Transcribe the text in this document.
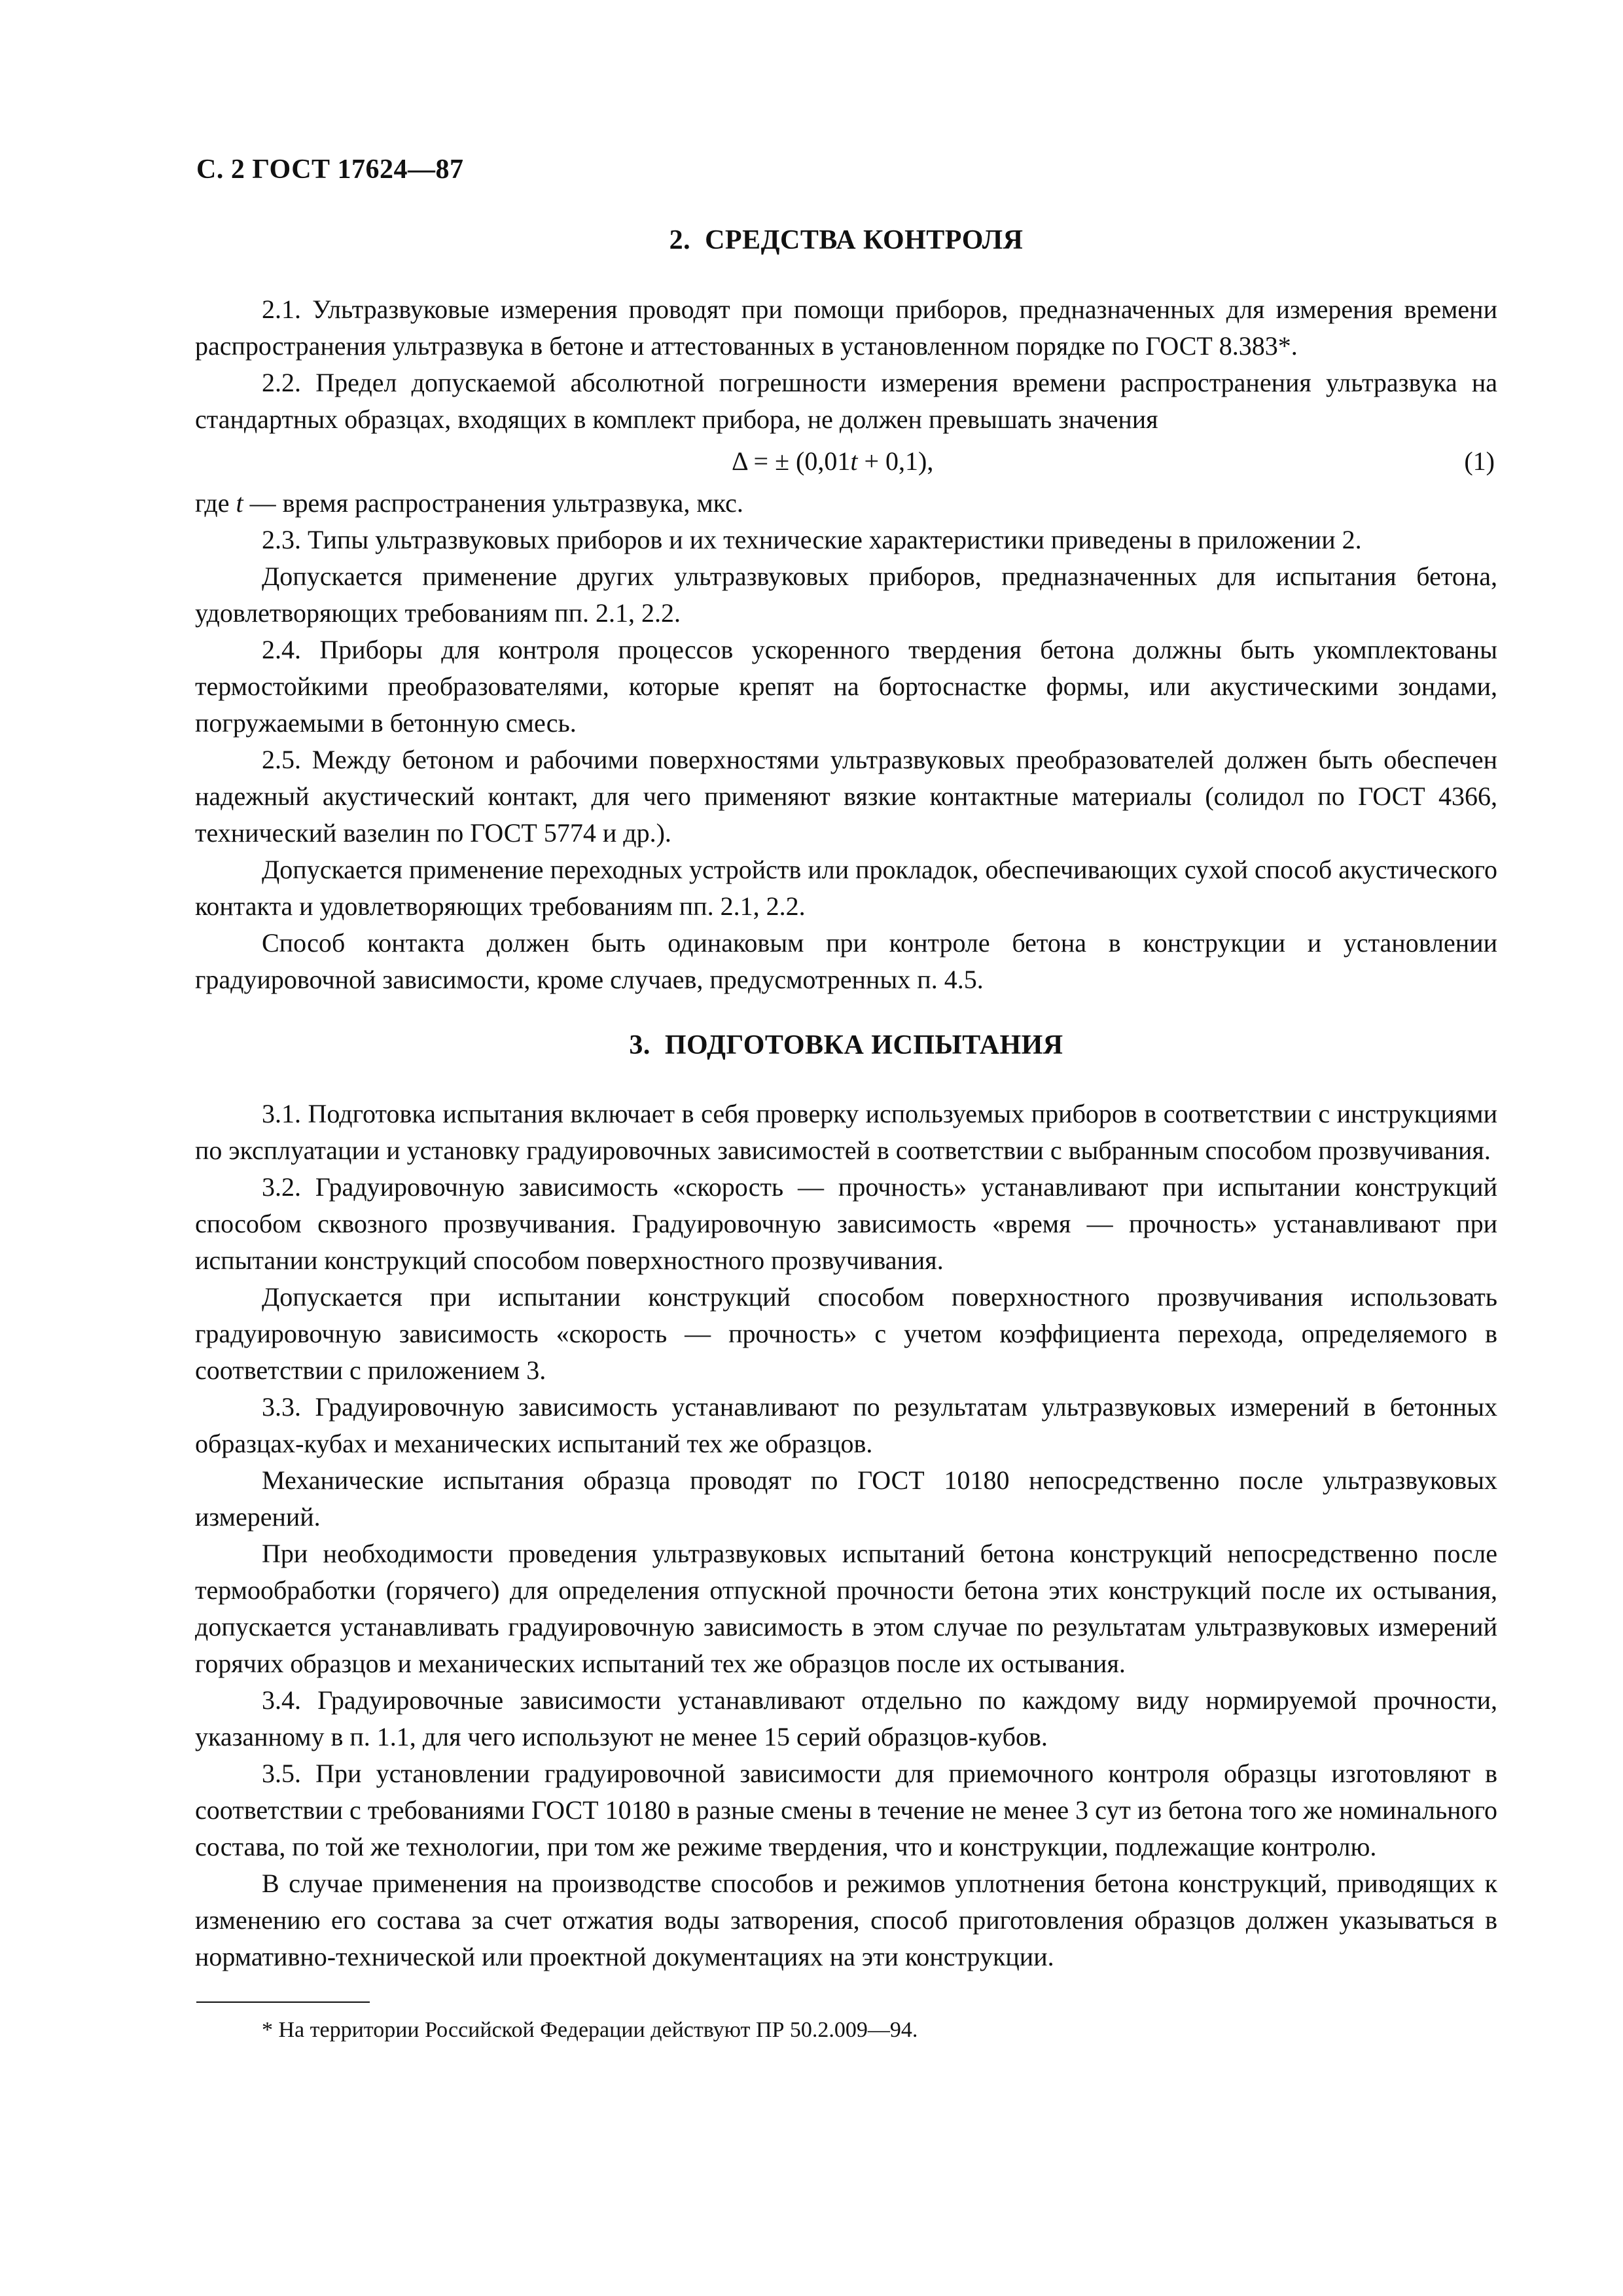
С. 2 ГОСТ 17624—87
2. СРЕДСТВА КОНТРОЛЯ

2.1. Ультразвуковые измерения проводят при помощи приборов, предназначенных для измерения времени распространения ультразвука в бетоне и аттестованных в установленном порядке по ГОСТ 8.383*.

2.2. Предел допускаемой абсолютной погрешности измерения времени распространения ультразвука на стандартных образцах, входящих в комплект прибора, не должен превышать значения

Δ = ± (0,01t + 0,1),	(1)

где t — время распространения ультразвука, мкс.

2.3. Типы ультразвуковых приборов и их технические характеристики приведены в приложении 2.

Допускается применение других ультразвуковых приборов, предназначенных для испытания бетона, удовлетворяющих требованиям пп. 2.1, 2.2.

2.4. Приборы для контроля процессов ускоренного твердения бетона должны быть укомплектованы термостойкими преобразователями, которые крепят на бортоснастке формы, или акустическими зондами, погружаемыми в бетонную смесь.

2.5. Между бетоном и рабочими поверхностями ультразвуковых преобразователей должен быть обеспечен надежный акустический контакт, для чего применяют вязкие контактные материалы (солидол по ГОСТ 4366, технический вазелин по ГОСТ 5774 и др.).

Допускается применение переходных устройств или прокладок, обеспечивающих сухой способ акустического контакта и удовлетворяющих требованиям пп. 2.1, 2.2.

Способ контакта должен быть одинаковым при контроле бетона в конструкции и установлении градуировочной зависимости, кроме случаев, предусмотренных п. 4.5.

3. ПОДГОТОВКА ИСПЫТАНИЯ

3.1. Подготовка испытания включает в себя проверку используемых приборов в соответствии с инструкциями по эксплуатации и установку градуировочных зависимостей в соответствии с выбранным способом прозвучивания.

3.2. Градуировочную зависимость «скорость — прочность» устанавливают при испытании конструкций способом сквозного прозвучивания. Градуировочную зависимость «время — прочность» устанавливают при испытании конструкций способом поверхностного прозвучивания.

Допускается при испытании конструкций способом поверхностного прозвучивания использовать градуировочную зависимость «скорость — прочность» с учетом коэффициента перехода, определяемого в соответствии с приложением 3.

3.3. Градуировочную зависимость устанавливают по результатам ультразвуковых измерений в бетонных образцах-кубах и механических испытаний тех же образцов.

Механические испытания образца проводят по ГОСТ 10180 непосредственно после ультразвуковых измерений.

При необходимости проведения ультразвуковых испытаний бетона конструкций непосредственно после термообработки (горячего) для определения отпускной прочности бетона этих конструкций после их остывания, допускается устанавливать градуировочную зависимость в этом случае по результатам ультразвуковых измерений горячих образцов и механических испытаний тех же образцов после их остывания.

3.4. Градуировочные зависимости устанавливают отдельно по каждому виду нормируемой прочности, указанному в п. 1.1, для чего используют не менее 15 серий образцов-кубов.

3.5. При установлении градуировочной зависимости для приемочного контроля образцы изготовляют в соответствии с требованиями ГОСТ 10180 в разные смены в течение не менее 3 сут из бетона того же номинального состава, по той же технологии, при том же режиме твердения, что и конструкции, подлежащие контролю.

В случае применения на производстве способов и режимов уплотнения бетона конструкций, приводящих к изменению его состава за счет отжатия воды затворения, способ приготовления образцов должен указываться в нормативно-технической или проектной документациях на эти конструкции.

* На территории Российской Федерации действуют ПР 50.2.009—94.
